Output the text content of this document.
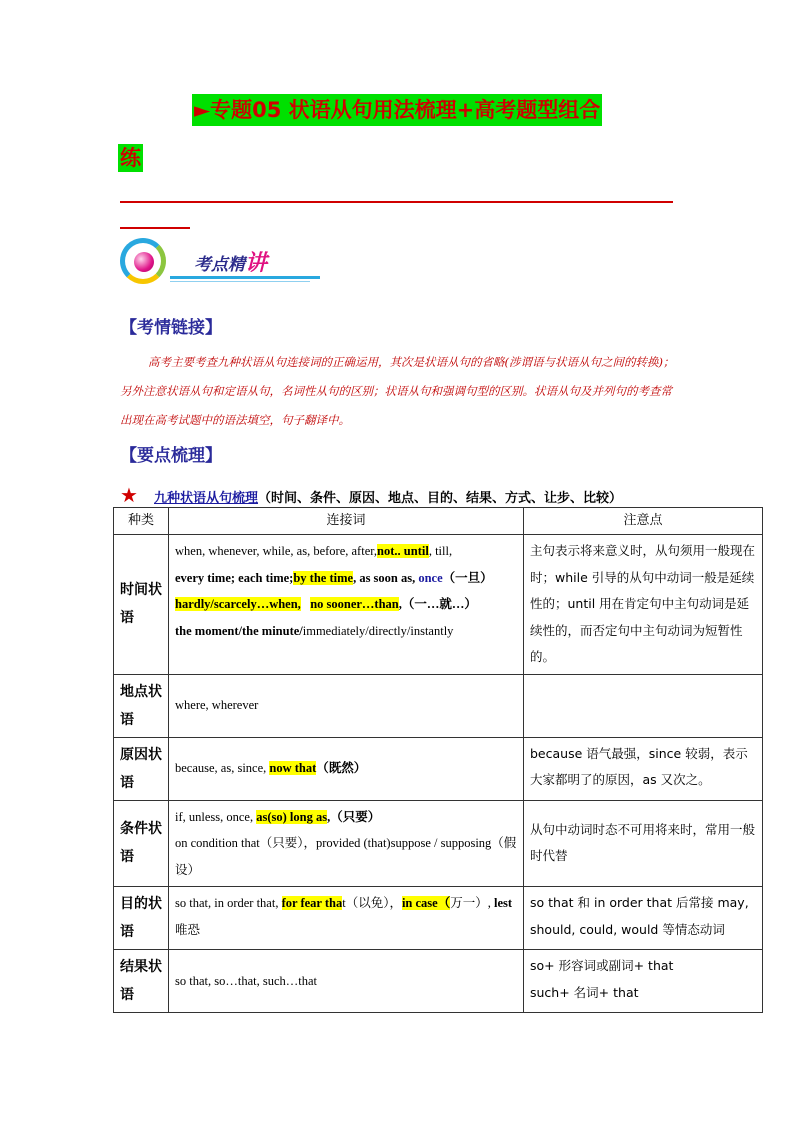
►专题05 状语从句用法梳理+高考题型组合
练
考点精讲
【考情链接】
高考主要考查九种状语从句连接词的正确运用，其次是状语从句的省略(涉谓语与状语从句之间的转换)；另外注意状语从句和定语从句，名词性从句的区别；状语从句和强调句型的区别。状语从句及并列句的考查常出现在高考试题中的语法填空，句子翻译中。
【要点梳理】
★ 九种状语从句梳理（时间、条件、原因、地点、目的、结果、方式、让步、比较）
种类	连接词	注意点
时间状语	when, whenever, while, as, before, after,not.. until, till,
every time; each time;by the time, as soon as, once（一旦）
hardly/scarcely…when, no sooner…than,（一…就…）
the moment/the minute/immediately/directly/instantly	主句表示将来意义时，从句须用一般现在时；while 引导的从句中动词一般是延续性的；until 用在肯定句中主句动词是延续性的，而否定句中主句动词为短暂性的。
地点状语	where, wherever	
原因状语	because, as, since, now that（既然）	because 语气最强，since 较弱，表示大家都明了的原因，as 又次之。
条件状语	if, unless, once, as(so) long as,（只要）
on condition that（只要），provided (that)suppose / supposing（假设）	从句中动词时态不可用将来时，常用一般时代替
目的状语	so that, in order that, for fear that（以免），in case（万一）, lest唯恐	so that 和 in order that 后常接 may, should, could, would 等情态动词
结果状语	so that, so…that, such…that	so+ 形容词或副词+ that
such+ 名词+ that
